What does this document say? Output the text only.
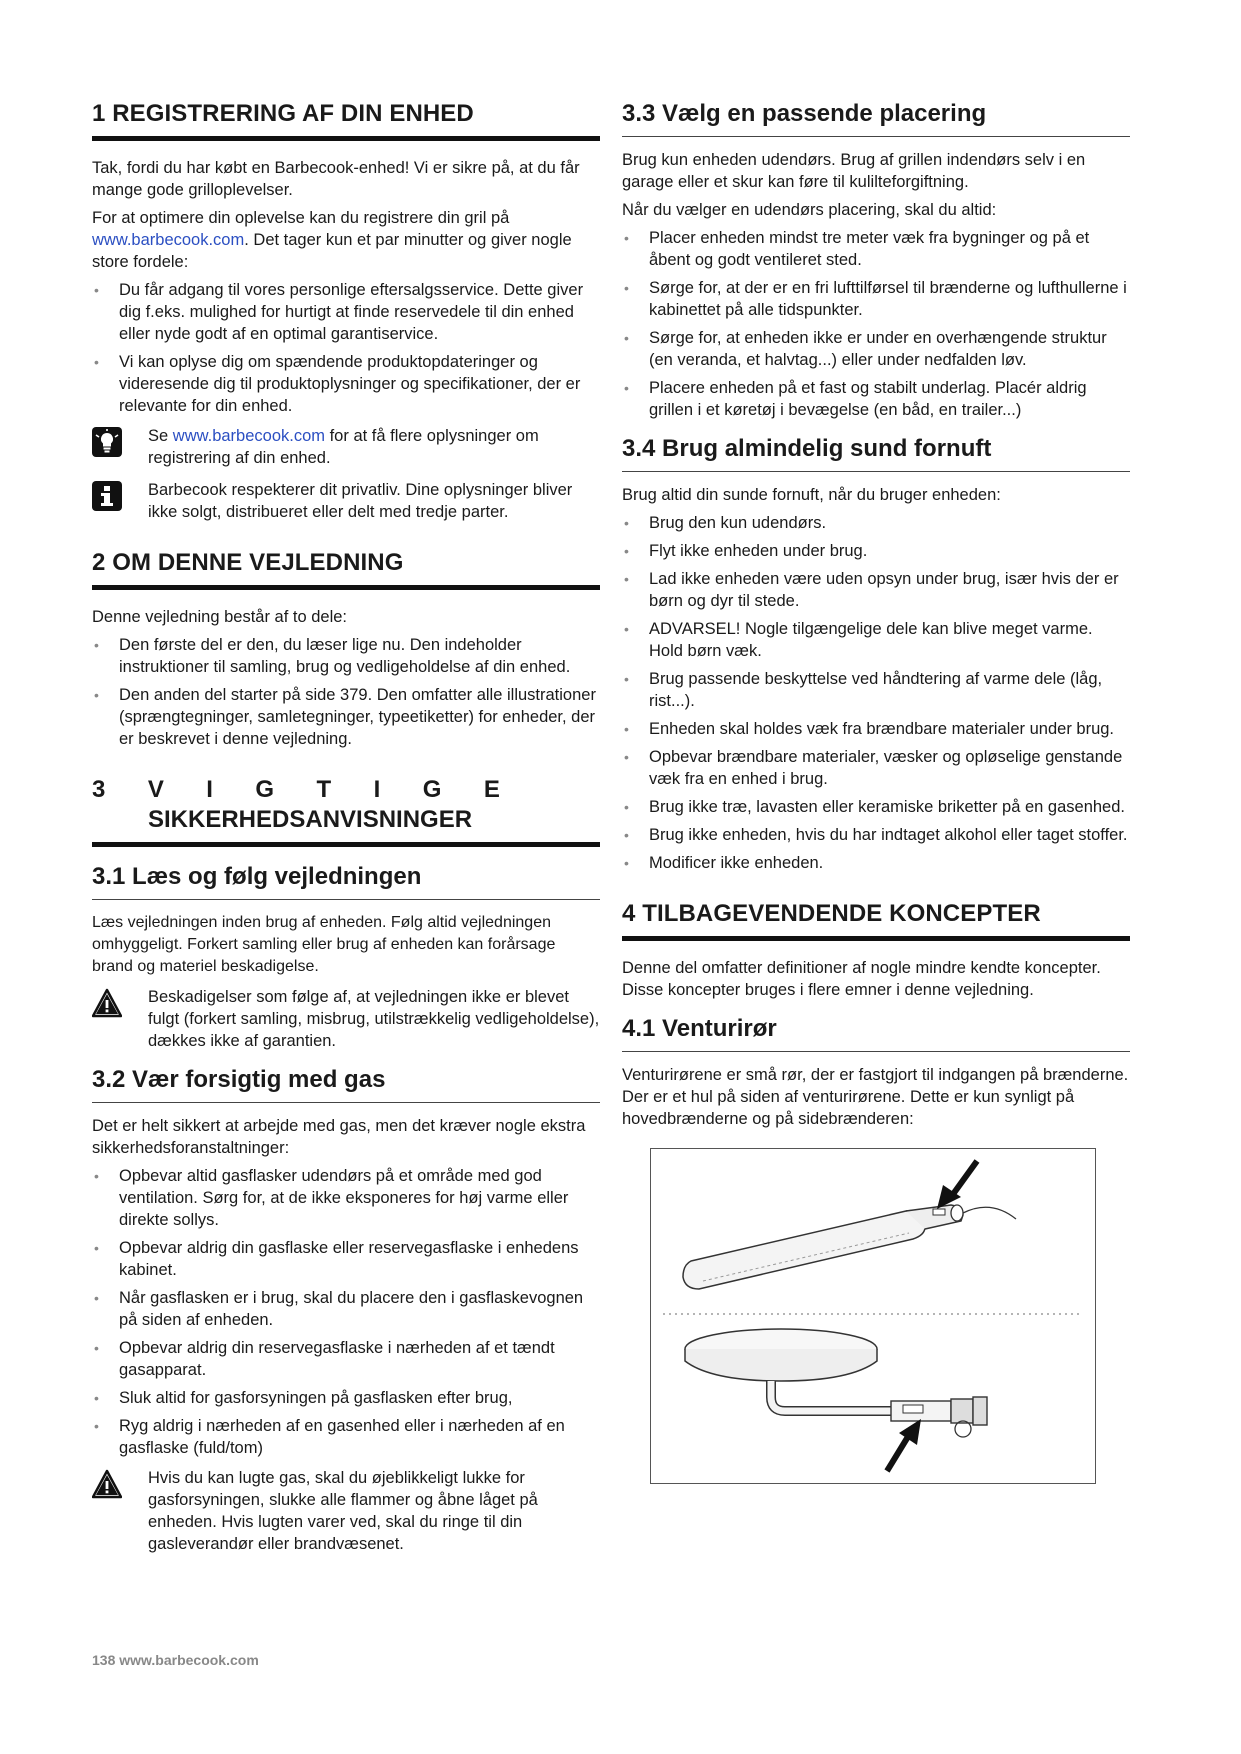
1 REGISTRERING AF DIN ENHED

Tak, fordi du har købt en Barbecook-enhed! Vi er sikre på, at du får mange gode grilloplevelser.

For at optimere din oplevelse kan du registrere din gril på www.barbecook.com. Det tager kun et par minutter og giver nogle store fordele:

• Du får adgang til vores personlige eftersalgsservice. Dette giver dig f.eks. mulighed for hurtigt at finde reservedele til din enhed eller nyde godt af en optimal garantiservice.
• Vi kan oplyse dig om spændende produktopdateringer og videresende dig til produktoplysninger og specifikationer, der er relevante for din enhed.
Se www.barbecook.com for at få flere oplysninger om registrering af din enhed.
Barbecook respekterer dit privatliv. Dine oplysninger bliver ikke solgt, distribueret eller delt med tredje parter.
2 OM DENNE VEJLEDNING

Denne vejledning består af to dele:

• Den første del er den, du læser lige nu. Den indeholder instruktioner til samling, brug og vedligeholdelse af din enhed.
• Den anden del starter på side 379. Den omfatter alle illustrationer (sprængtegninger, samletegninger, typeetiketter) for enheder, der er beskrevet i denne vejledning.
3 V I G T I G E
SIKKERHEDSANVISNINGER
3.1 Læs og følg vejledningen

Læs vejledningen inden brug af enheden. Følg altid vejledningen omhyggeligt. Forkert samling eller brug af enheden kan forårsage brand og materiel beskadigelse.

Beskadigelser som følge af, at vejledningen ikke er blevet fulgt (forkert samling, misbrug, utilstrækkelig vedligeholdelse), dækkes ikke af garantien.
3.2 Vær forsigtig med gas

Det er helt sikkert at arbejde med gas, men det kræver nogle ekstra sikkerhedsforanstaltninger:

• Opbevar altid gasflasker udendørs på et område med god ventilation. Sørg for, at de ikke eksponeres for høj varme eller direkte sollys.
• Opbevar aldrig din gasflaske eller reservegasflaske i enhedens kabinet.
• Når gasflasken er i brug, skal du placere den i gasflaskevognen på siden af enheden.
• Opbevar aldrig din reservegasflaske i nærheden af et tændt gasapparat.
• Sluk altid for gasforsyningen på gasflasken efter brug,
• Ryg aldrig i nærheden af en gasenhed eller i nærheden af en gasflaske (fuld/tom)
Hvis du kan lugte gas, skal du øjeblikkeligt lukke for gasforsyningen, slukke alle flammer og åbne låget på enheden. Hvis lugten varer ved, skal du ringe til din gasleverandør eller brandvæsenet.
3.3 Vælg en passende placering

Brug kun enheden udendørs. Brug af grillen indendørs selv i en garage eller et skur kan føre til kulilteforgiftning.

Når du vælger en udendørs placering, skal du altid:

• Placer enheden mindst tre meter væk fra bygninger og på et åbent og godt ventileret sted.
• Sørge for, at der er en fri lufttilførsel til brænderne og lufthullerne i kabinettet på alle tidspunkter.
• Sørge for, at enheden ikke er under en overhængende struktur (en veranda, et halvtag...) eller under nedfalden løv.
• Placere enheden på et fast og stabilt underlag. Placér aldrig grillen i et køretøj i bevægelse (en båd, en trailer...)
3.4 Brug almindelig sund fornuft

Brug altid din sunde fornuft, når du bruger enheden:

• Brug den kun udendørs.
• Flyt ikke enheden under brug.
• Lad ikke enheden være uden opsyn under brug, især hvis der er børn og dyr til stede.
• ADVARSEL! Nogle tilgængelige dele kan blive meget varme. Hold børn væk.
• Brug passende beskyttelse ved håndtering af varme dele (låg, rist...).
• Enheden skal holdes væk fra brændbare materialer under brug.
• Opbevar brændbare materialer, væsker og opløselige genstande væk fra en enhed i brug.
• Brug ikke træ, lavasten eller keramiske briketter på en gasenhed.
• Brug ikke enheden, hvis du har indtaget alkohol eller taget stoffer.
• Modificer ikke enheden.
4 TILBAGEVENDENDE KONCEPTER

Denne del omfatter definitioner af nogle mindre kendte koncepter. Disse koncepter bruges i flere emner i denne vejledning.

4.1 Venturirør

Venturirørene er små rør, der er fastgjort til indgangen på brænderne. Der er et hul på siden af venturirørene. Dette er kun synligt på hovedbrænderne og på sidebrænderen:

138 www.barbecook.com
